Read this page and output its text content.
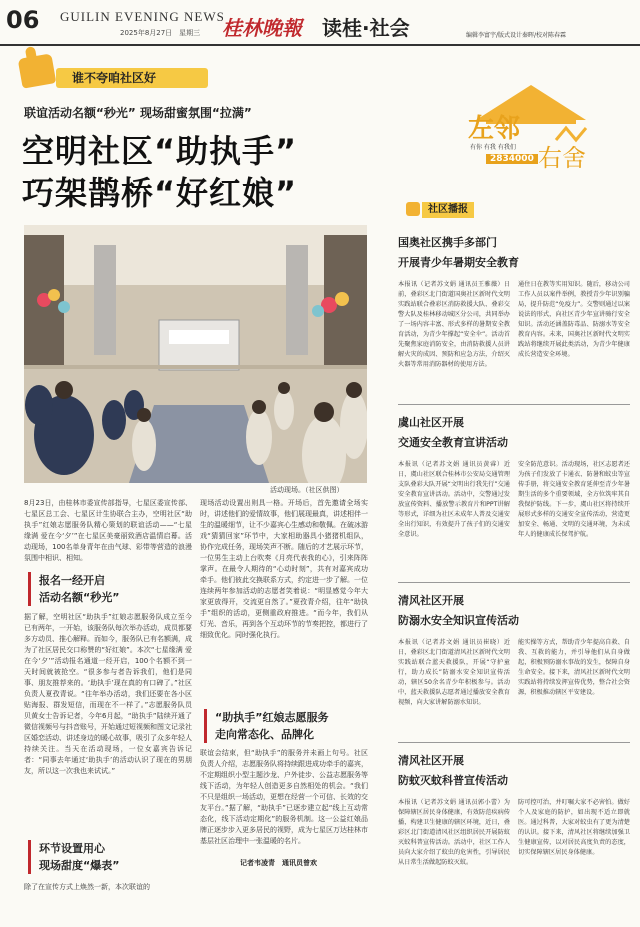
06 GUILIN EVENING NEWS
2025年8月27日　星期三 桂林晚報 读桂·社会	编辑李富宇/版式设计秦晖/校对陈春霖
谁不夸咱社区好
联谊活动名额“秒光” 现场甜蜜氛围“拉满”
空明社区“助执手”
巧架鹊桥“好红娘”
活动现场。（社区供图）
8月23日，由桂林市委宣传部指导，七星区委宣传部、七星区总工会、七星区计生协联合主办，空明社区“助执手”红娘志愿服务队精心策划的联谊活动——“七星缘满 爱在今‘夕’”在七星区美豪丽致酒店温情启幕。活动现场，100名单身青年在由气球、彩带等营造的浪漫氛围中相识、相知。
现场活动设置出则具一格。开场后，首先邀请全场实时，讲述他们的爱情故事，他们展现最真，讲述相伴一生的温暖细节，让不少嘉宾心生感动和敬佩。在破冰游戏“猜猜回家”环节中，大家相助器具小猪猪机组队，协作完成任务，现场笑声不断。随后的才艺展示环节，一位男生主动上台吹奏《月亮代表我的心》，引来阵阵掌声。在最令人期待的“心动时刻”，共有对嘉宾成功牵手。他们彼此交换联系方式，约定进一步了解。一位连续两年参加活动的志愿者笑着说：“明显感觉今年大家更放得开，交流更自然了。”夏孜青介绍，往年“助执手”组织的活动，更侧重政府推进。“而今年，我们从灯光、音乐，再到各个互动环节的节奏把控，都进行了细致优化。同时强化执行。
报名一经开启
活动名额“秒光”
据了解，空明社区“助执手”红娘志愿服务队成立至今已有两年，一开始，该服务队每次举办活动，成员都要多方动员、推心解释。而如今，服务队已有名额满，成为了社区居民交口称赞的“好红娘”。本次“七星缘满 爱在今‘夕’”活动报名通道一经开启，100个名额不到一天时间就被抢空。“很多参与者告诉我们，他们是同事、朋友推荐来的。‘助执手’现在真的有口碑了。”社区负责人夏孜青说。“往年举办活动，我们还要在各小区贴海报、群发短信，而现在不一样了。”志愿服务队员贝黄女士告诉记者，今年6月起，“助执手”陆续开通了微信视频号与抖音账号，开始通过短视频和图文记录社区婚恋活动、讲述身边的暖心故事，吸引了众多年轻人持续关注。当天在活动现场，一位女嘉宾告诉记者：“同事去年通过‘助执手’的活动认识了现在的男朋友，所以这一次我也来试试。”
环节设置用心
现场甜度“爆表”
除了在宣传方式上焕然一新，本次联谊的
“助执手”红娘志愿服务
走向常态化、品牌化
联谊会结束，但“助执手”的服务并未画上句号。社区负责人介绍，志愿服务队将持续跟进成功牵手的嘉宾，不定期组织小型主题沙龙、户外徒步、公益志愿服务等线下活动，为年轻人创造更多自然相处的机会。“我们不只是组织一场活动，更想在经营一个可信、长效的交友平台。”据了解，“助执手”已逐步建立起“线上互动常态化，线下活动定期化”的服务机制。这一公益红娘品牌正逐步步入更多居民的视野，成为七星区万达桂林市基层社区治理中一张温暖的名片。
记者韦凌青　通讯员曾欢
左邻
右舍
有你 有我 有我们
2834000
社区播报
国奥社区携手多部门
开展青少年暑期安全教育
本报讯（记者苏文娟 通讯员王雅薇）日前，叠彩区北门街道国奥社区新时代文明实践站联合叠彩区消防救援大队、叠彩交警大队及桂林移动城区分公司，共同举办了一场内容丰富、形式多样的暑期安全教育活动，为青少年撑起“安全伞”。活动首先聚焦家庭消防安全，由消防救援人员讲解火灾的成因、预防和应急方法，介绍灭火器等常用消防器材的使用方法。
通住日在教等实用知识。随后，移动公司工作人员以案件举例，教授青少年识别骗局，提升防范“免疫力”。交警则通过以案说法的形式，向社区青少年宣讲骑行安全知识。活动还涵盖防毒品、防溺水等安全教育内容。未来，国奥社区新时代文明实践站将继续开展此类活动，为青少年健康成长营造安全环境。
虞山社区开展
交通安全教育宣讲活动
本报讯（记者苏文娟 通讯员黄睿）近日，虞山社区联合桂林市公安局交通管理支队叠彩大队开展“文明出行我先行”交通安全教育宣讲活动。活动中，交警通过发放宣传资料、播放警示教育片和PPT讲解等形式，详细为社区未成年人普及交通安全出行知识，有效提升了孩子们的交通安全意识。
安全防范意识。活动现场，社区志愿者还为孩子们发放了卡通衣、防暑和蚊虫等宣传手册，将交通安全教育延伸至青少年暑期生活的多个重要领域，全方位筑牢其自我保护防线。下一步，虞山社区将持续开展形式多样的交通安全宣传活动，营造更加安全、畅通、文明的交通环境，为未成年人的健康成长保驾护航。
清风社区开展
防溺水安全知识宣传活动
本报讯（记者苏文娟 通讯员崔晓）近日，叠彩区北门街道清风社区新时代文明实践站联合蓝天救援队，开展“守护童行，助力成长”防溺水安全知识宣传活动，辖区50余名青少年积极参与。活动中，蓝天救援队志愿者通过播放安全教育视频，向大家讲解防溺水知识。
能实操等方式，帮助青少年提高自救、自我、互救的能力，并引导他们从自身做起，积极预防溺水事故的发生，保障自身生命安全。接下来，清风社区新时代文明实践站将持续发挥宣传优势，整合社会资源，积极推动辖区平安建设。
清风社区开展
防蚊灭蚊科普宣传活动
本报讯（记者苏文娟 通讯员郭小蕾）为保障辖区居民身体健康，有效防范疾病传播，构建卫生健康的辖区环境，近日，叠彩区北门街道清风社区组织居民开展防蚊灭蚊科普宣传活动。活动中，社区工作人员向大家介绍了蚊虫的危害性，引导居民从日常生活做起防蚊灭蚊。
防可控可治，并叮嘱大家不必害怕。做好个人及家庭的防护，如出现不适立即就医。通过科普，大家对蚊虫有了更为清楚的认识。接下来，清风社区将继续加强卫生健康宣传，以对居民高度负责的态度，切实保障辖区居民身体健康。
